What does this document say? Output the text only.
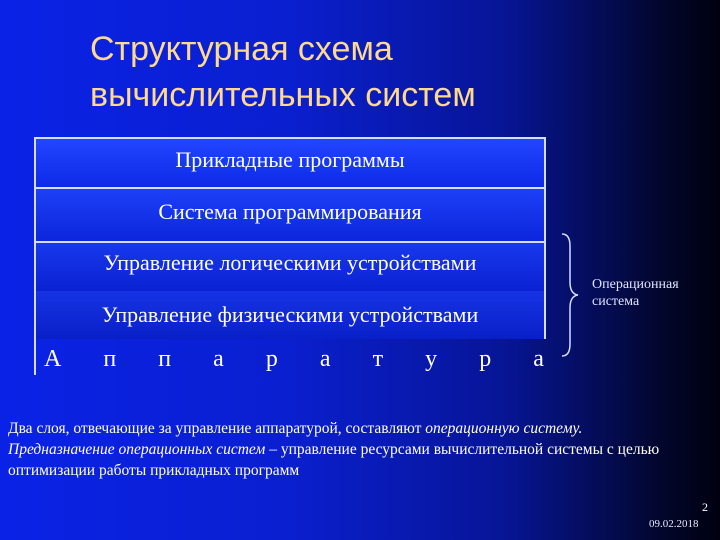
Структурная схема
вычислительных систем
Прикладные программы
Система программирования
Управление логическими устройствами
Управление физическими устройствами
А п п а р а т у р а
Операционная
система

Два слоя, отвечающие за управление аппаратурой, составляют операционную систему.

Предназначение операционных систем – управление ресурсами вычислительной системы с целью оптимизации работы прикладных программ

2
09.02.2018
